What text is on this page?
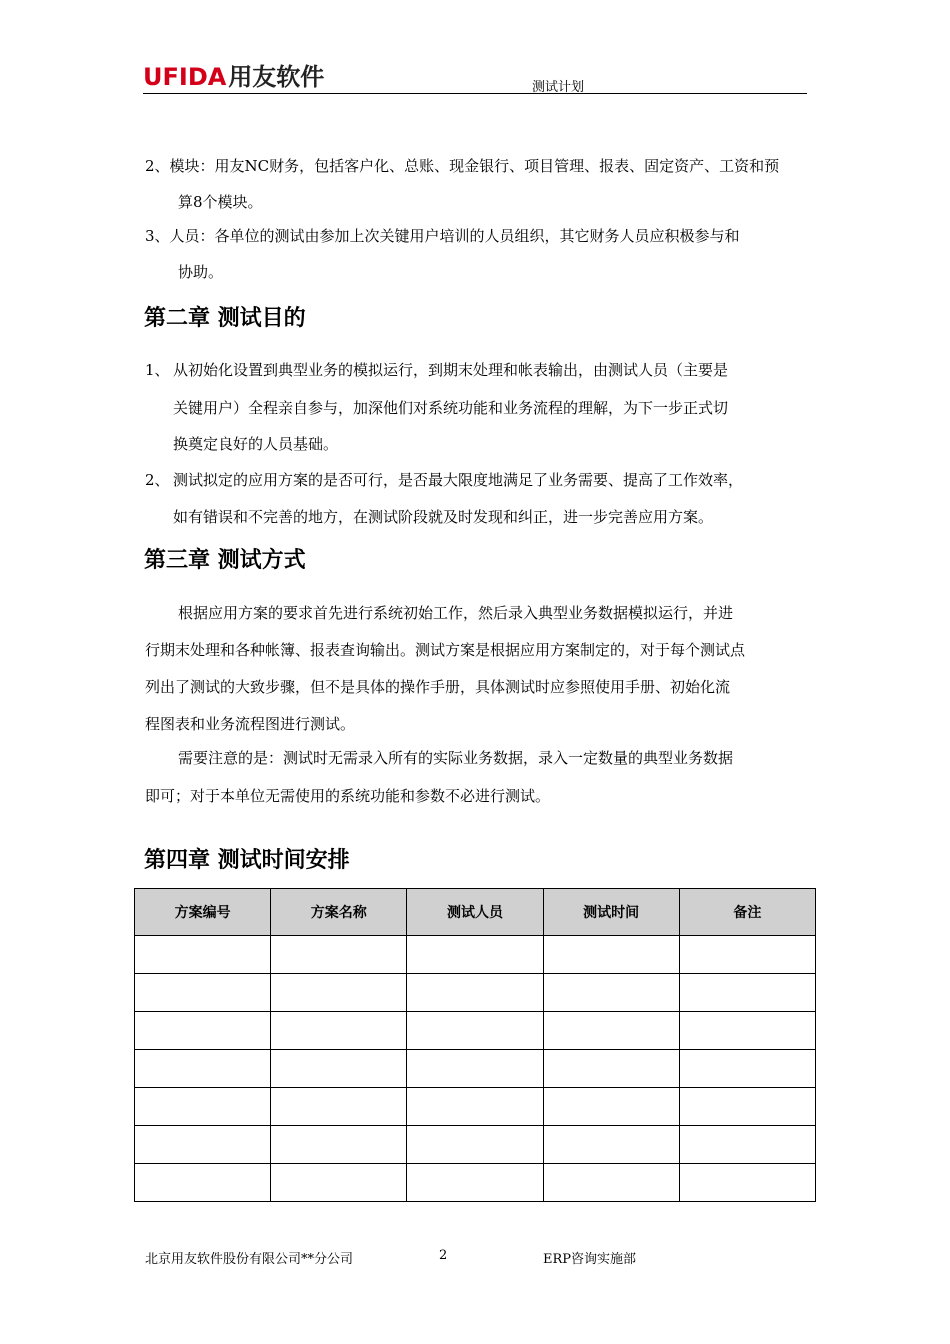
UFIDA用友软件	测试计划
2、模块：用友NC财务，包括客户化、总账、现金银行、项目管理、报表、固定资产、工资和预
算8个模块。
3、人员：各单位的测试由参加上次关键用户培训的人员组织，其它财务人员应积极参与和
协助。
第二章 测试目的
1、 从初始化设置到典型业务的模拟运行，到期末处理和帐表输出，由测试人员（主要是
关键用户）全程亲自参与，加深他们对系统功能和业务流程的理解，为下一步正式切
换奠定良好的人员基础。
2、 测试拟定的应用方案的是否可行，是否最大限度地满足了业务需要、提高了工作效率，
如有错误和不完善的地方，在测试阶段就及时发现和纠正，进一步完善应用方案。
第三章 测试方式
根据应用方案的要求首先进行系统初始工作，然后录入典型业务数据模拟运行，并进
行期末处理和各种帐簿、报表查询输出。测试方案是根据应用方案制定的，对于每个测试点
列出了测试的大致步骤，但不是具体的操作手册，具体测试时应参照使用手册、初始化流
程图表和业务流程图进行测试。
需要注意的是：测试时无需录入所有的实际业务数据，录入一定数量的典型业务数据
即可；对于本单位无需使用的系统功能和参数不必进行测试。
第四章 测试时间安排
方案编号	方案名称	测试人员	测试时间	备注

北京用友软件股份有限公司**分公司	2	ERP咨询实施部
